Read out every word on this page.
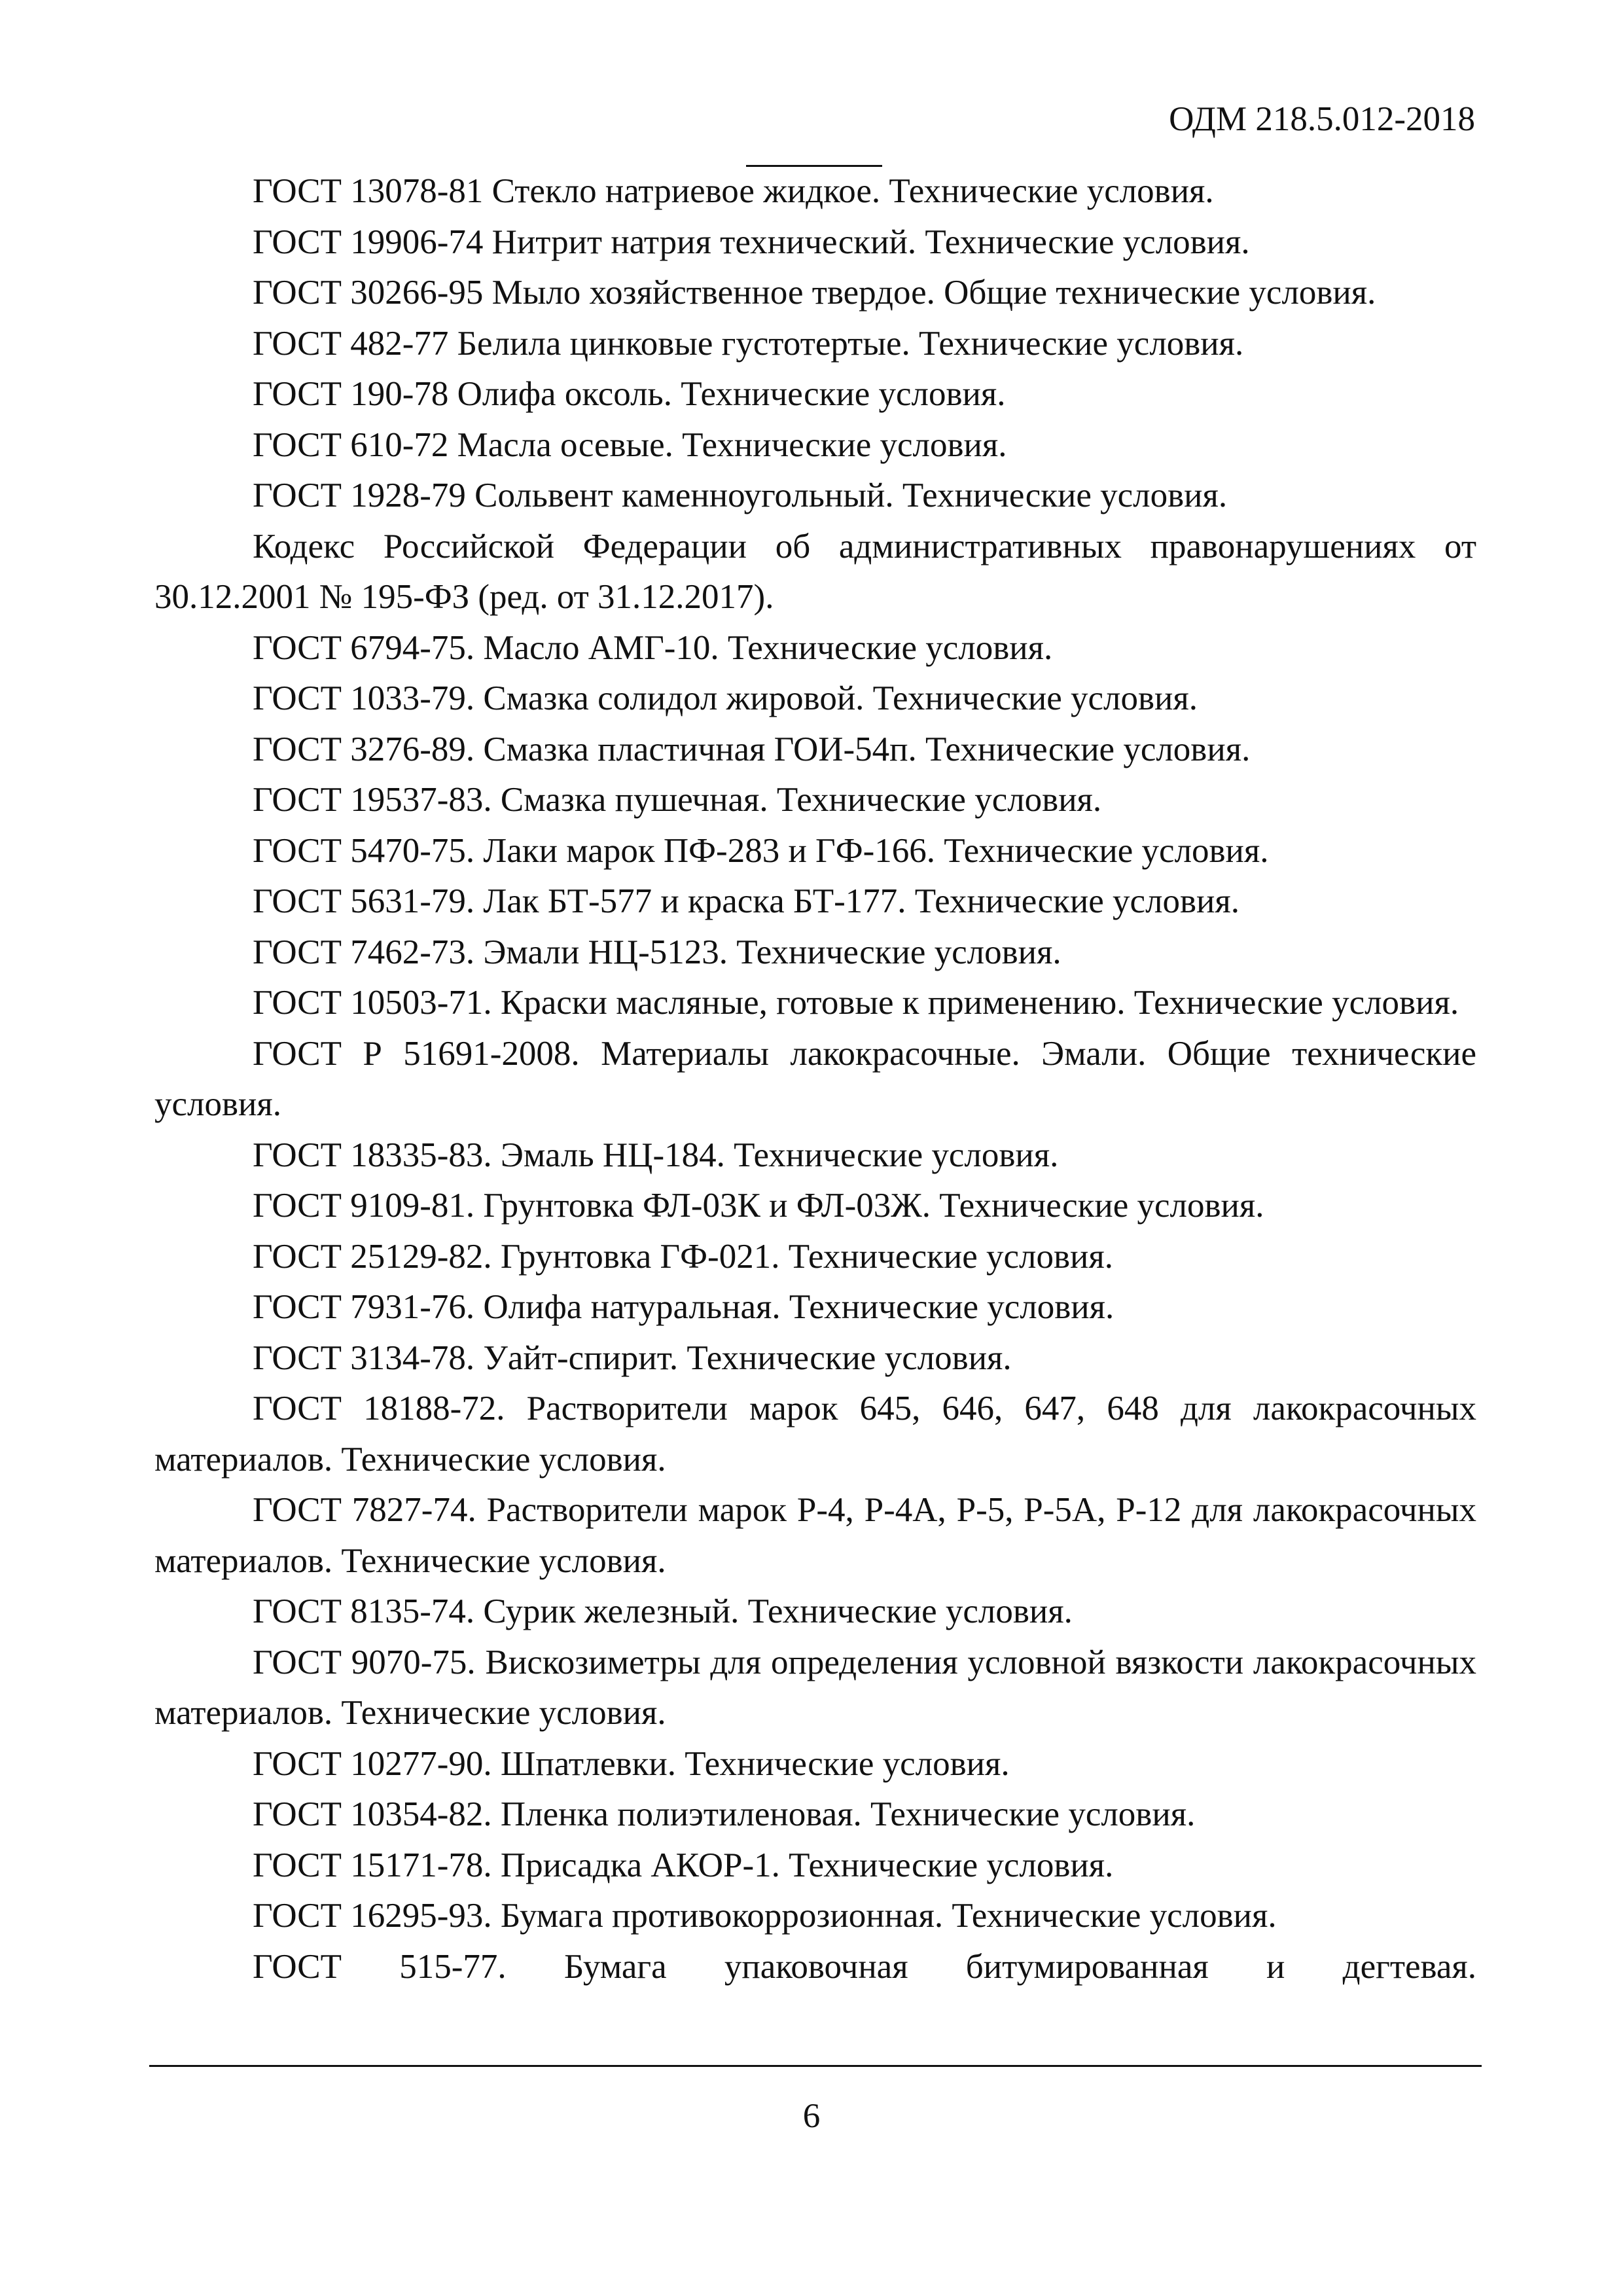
ОДМ 218.5.012-2018

ГОСТ 13078-81 Стекло натриевое жидкое. Технические условия.

ГОСТ 19906-74 Нитрит натрия технический. Технические условия.

ГОСТ 30266-95 Мыло хозяйственное твердое. Общие технические условия.

ГОСТ 482-77 Белила цинковые густотертые. Технические условия.

ГОСТ 190-78 Олифа оксоль. Технические условия.

ГОСТ 610-72 Масла осевые. Технические условия.

ГОСТ 1928-79 Сольвент каменноугольный. Технические условия.

Кодекс Российской Федерации об административных правонарушениях от 30.12.2001 № 195-ФЗ (ред. от 31.12.2017).

ГОСТ 6794-75. Масло АМГ-10. Технические условия.

ГОСТ 1033-79. Смазка солидол жировой. Технические условия.

ГОСТ 3276-89. Смазка пластичная ГОИ-54п. Технические условия.

ГОСТ 19537-83. Смазка пушечная. Технические условия.

ГОСТ 5470-75. Лаки марок ПФ-283 и ГФ-166. Технические условия.

ГОСТ 5631-79. Лак БТ-577 и краска БТ-177. Технические условия.

ГОСТ 7462-73. Эмали НЦ-5123. Технические условия.

ГОСТ 10503-71. Краски масляные, готовые к применению. Технические условия.

ГОСТ Р 51691-2008. Материалы лакокрасочные. Эмали. Общие технические условия.

ГОСТ 18335-83. Эмаль НЦ-184. Технические условия.

ГОСТ 9109-81. Грунтовка ФЛ-03К и ФЛ-03Ж. Технические условия.

ГОСТ 25129-82. Грунтовка ГФ-021. Технические условия.

ГОСТ 7931-76. Олифа натуральная. Технические условия.

ГОСТ 3134-78. Уайт-спирит. Технические условия.

ГОСТ 18188-72. Растворители марок 645, 646, 647, 648 для лакокрасочных материалов. Технические условия.

ГОСТ 7827-74. Растворители марок Р-4, Р-4А, Р-5, Р-5А, Р-12 для лакокрасочных материалов. Технические условия.

ГОСТ 8135-74. Сурик железный. Технические условия.

ГОСТ 9070-75. Вискозиметры для определения условной вязкости лакокрасочных материалов. Технические условия.

ГОСТ 10277-90. Шпатлевки. Технические условия.

ГОСТ 10354-82. Пленка полиэтиленовая. Технические условия.

ГОСТ 15171-78. Присадка АКОР-1. Технические условия.

ГОСТ 16295-93. Бумага противокоррозионная. Технические условия.

ГОСТ 515-77. Бумага упаковочная битумированная и дегтевая.

6
